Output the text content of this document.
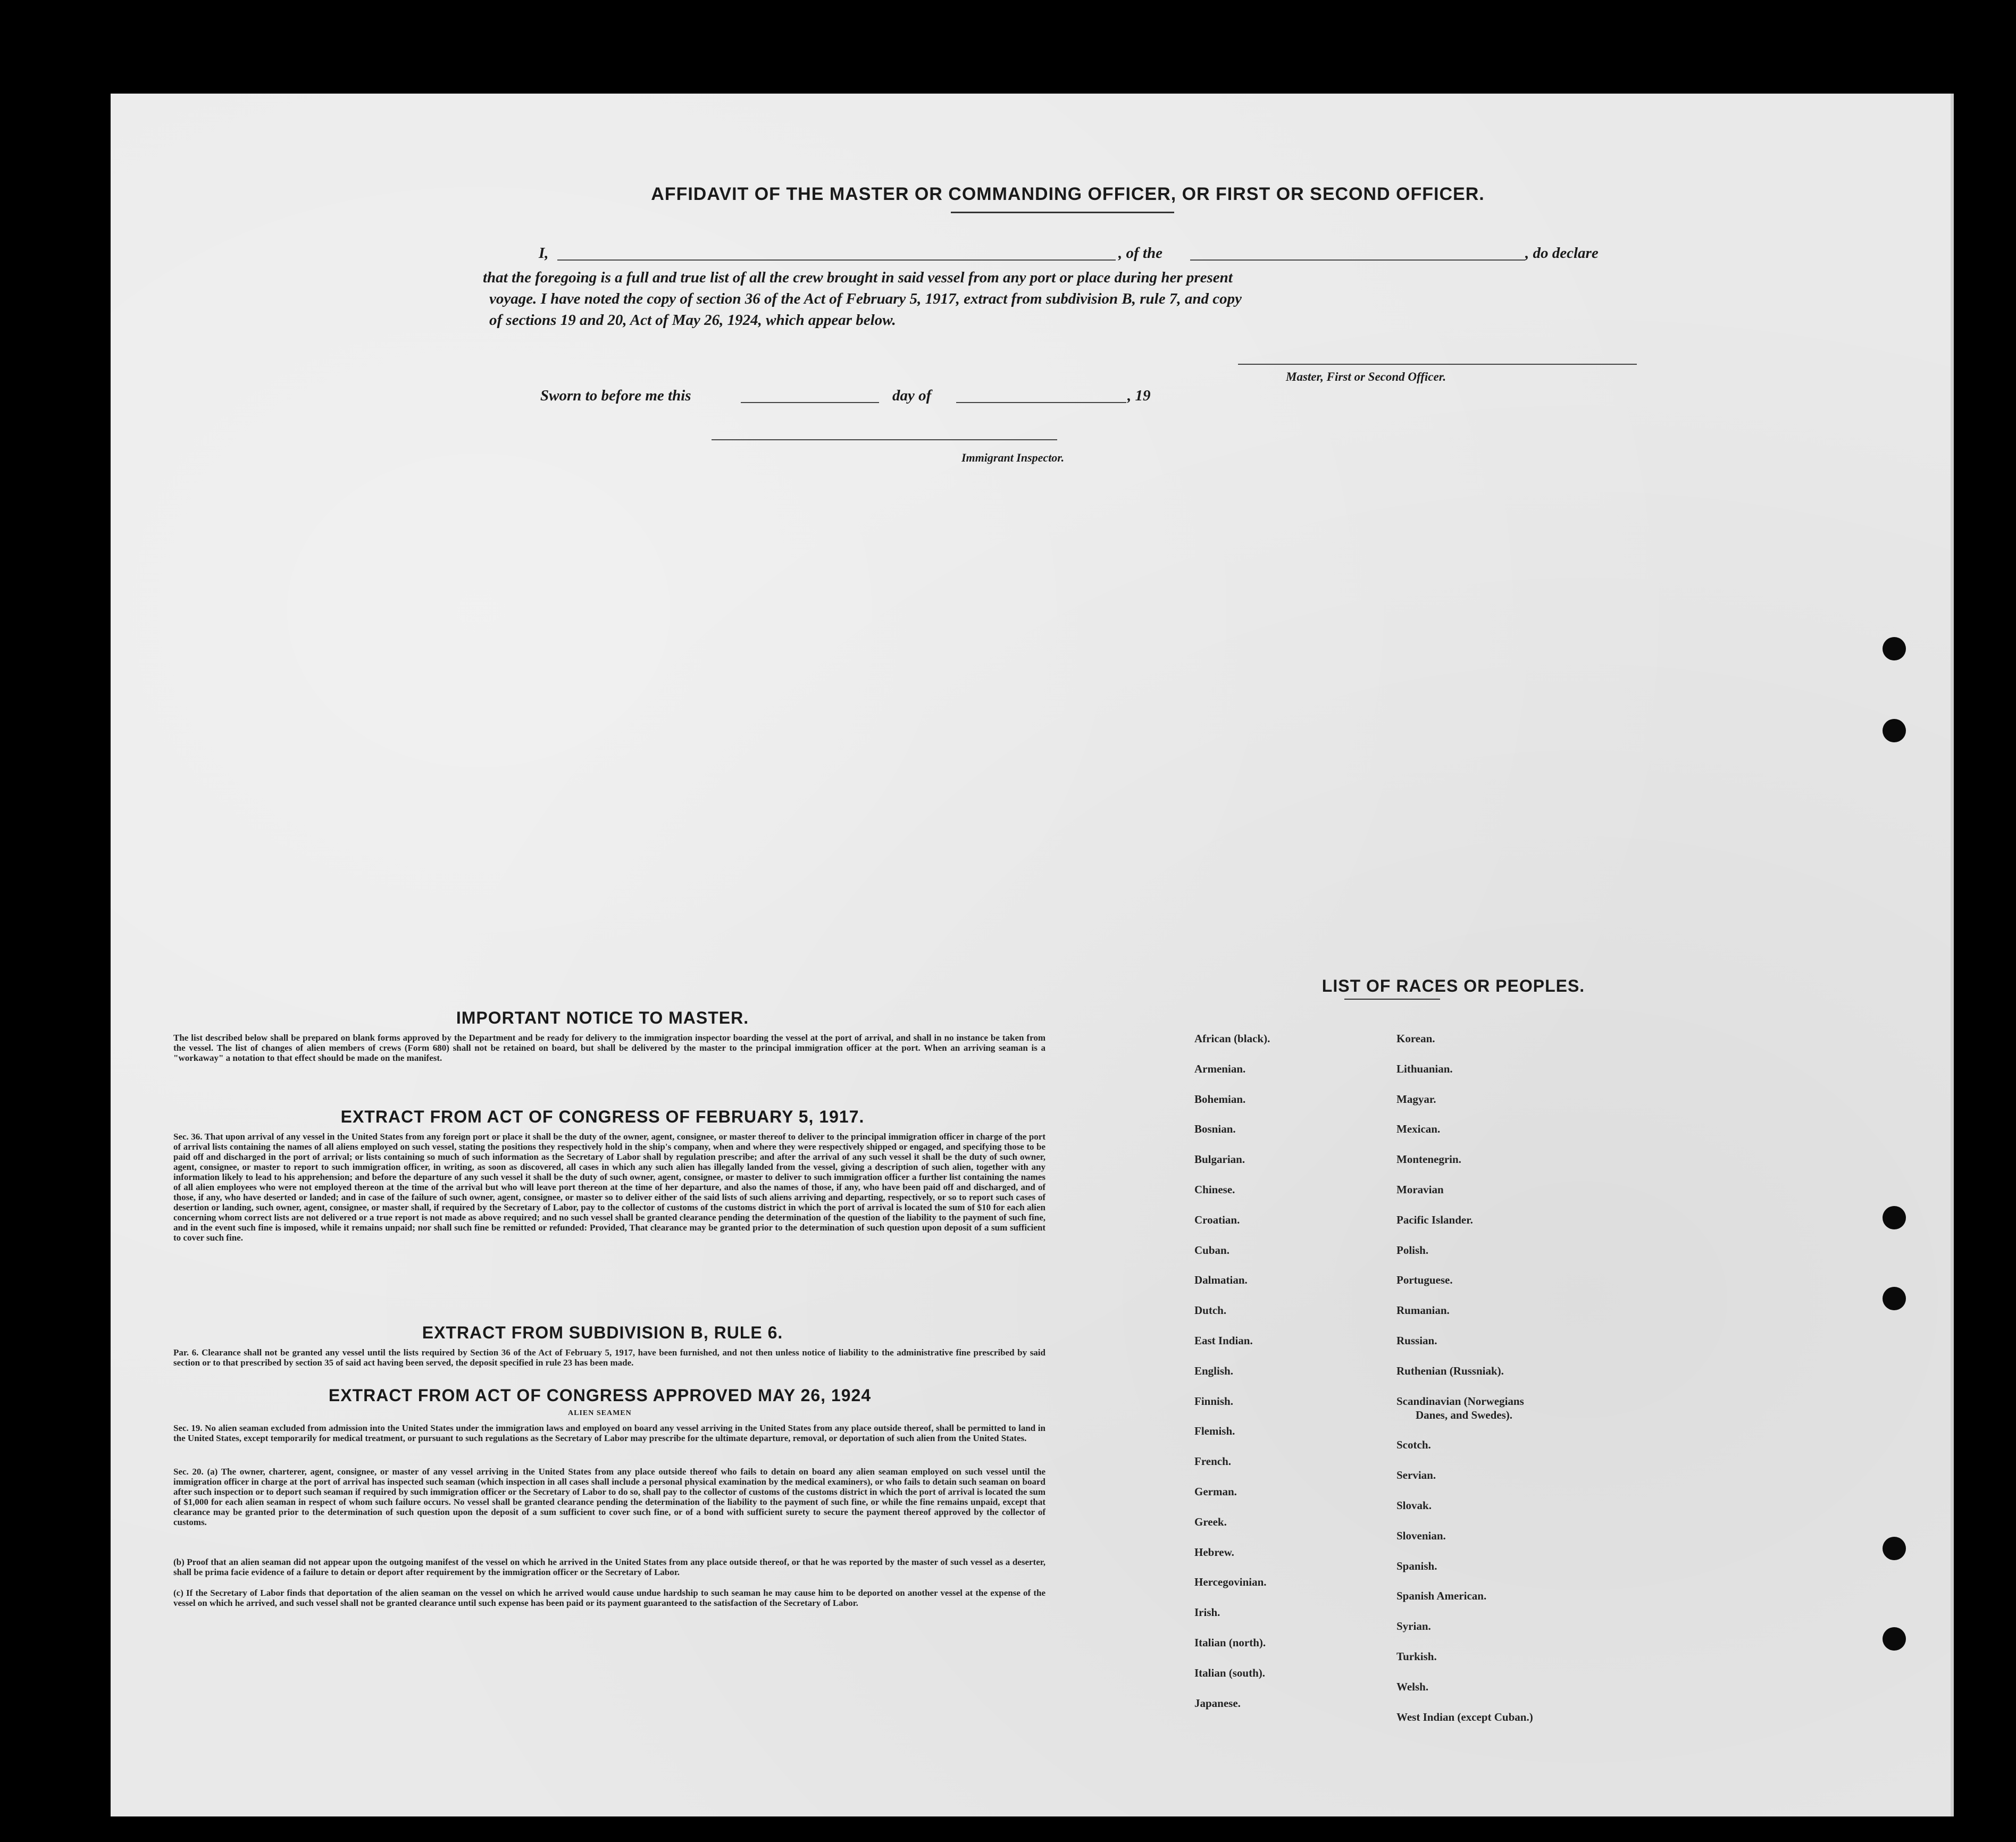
AFFIDAVIT OF THE MASTER OR COMMANDING OFFICER, OR FIRST OR SECOND OFFICER.
I,	, of the	, do declare
that the foregoing is a full and true list of all the crew brought in said vessel from any port or place during her present
voyage. I have noted the copy of section 36 of the Act of February 5, 1917, extract from subdivision B, rule 7, and copy
of sections 19 and 20, Act of May 26, 1924, which appear below.
Master, First or Second Officer.
Sworn to before me this	day of	, 19
Immigrant Inspector.
IMPORTANT NOTICE TO MASTER.
The list described below shall be prepared on blank forms approved by the Department and be ready for delivery to the immigration inspector boarding the vessel at the port of arrival, and shall in no instance be taken from the vessel. The list of changes of alien members of crews (Form 680) shall not be retained on board, but shall be delivered by the master to the principal immigration officer at the port. When an arriving seaman is a "workaway" a notation to that effect should be made on the manifest.
EXTRACT FROM ACT OF CONGRESS OF FEBRUARY 5, 1917.
Sec. 36. That upon arrival of any vessel in the United States from any foreign port or place it shall be the duty of the owner, agent, consignee, or master thereof to deliver to the principal immigration officer in charge of the port of arrival lists containing the names of all aliens employed on such vessel, stating the positions they respectively hold in the ship's company, when and where they were respectively shipped or engaged, and specifying those to be paid off and discharged in the port of arrival; or lists containing so much of such information as the Secretary of Labor shall by regulation prescribe; and after the arrival of any such vessel it shall be the duty of such owner, agent, consignee, or master to report to such immigration officer, in writing, as soon as discovered, all cases in which any such alien has illegally landed from the vessel, giving a description of such alien, together with any information likely to lead to his apprehension; and before the departure of any such vessel it shall be the duty of such owner, agent, consignee, or master to deliver to such immigration officer a further list containing the names of all alien employees who were not employed thereon at the time of the arrival but who will leave port thereon at the time of her departure, and also the names of those, if any, who have been paid off and discharged, and of those, if any, who have deserted or landed; and in case of the failure of such owner, agent, consignee, or master so to deliver either of the said lists of such aliens arriving and departing, respectively, or so to report such cases of desertion or landing, such owner, agent, consignee, or master shall, if required by the Secretary of Labor, pay to the collector of customs of the customs district in which the port of arrival is located the sum of $10 for each alien concerning whom correct lists are not delivered or a true report is not made as above required; and no such vessel shall be granted clearance pending the determination of the question of the liability to the payment of such fine, and in the event such fine is imposed, while it remains unpaid; nor shall such fine be remitted or refunded: Provided, That clearance may be granted prior to the determination of such question upon deposit of a sum sufficient to cover such fine.
EXTRACT FROM SUBDIVISION B, RULE 6.
Par. 6. Clearance shall not be granted any vessel until the lists required by Section 36 of the Act of February 5, 1917, have been furnished, and not then unless notice of liability to the administrative fine prescribed by said section or to that prescribed by section 35 of said act having been served, the deposit specified in rule 23 has been made.
EXTRACT FROM ACT OF CONGRESS APPROVED MAY 26, 1924
ALIEN SEAMEN
Sec. 19. No alien seaman excluded from admission into the United States under the immigration laws and employed on board any vessel arriving in the United States from any place outside thereof, shall be permitted to land in the United States, except temporarily for medical treatment, or pursuant to such regulations as the Secretary of Labor may prescribe for the ultimate departure, removal, or deportation of such alien from the United States.
Sec. 20. (a) The owner, charterer, agent, consignee, or master of any vessel arriving in the United States from any place outside thereof who fails to detain on board any alien seaman employed on such vessel until the immigration officer in charge at the port of arrival has inspected such seaman (which inspection in all cases shall include a personal physical examination by the medical examiners), or who fails to detain such seaman on board after such inspection or to deport such seaman if required by such immigration officer or the Secretary of Labor to do so, shall pay to the collector of customs of the customs district in which the port of arrival is located the sum of $1,000 for each alien seaman in respect of whom such failure occurs. No vessel shall be granted clearance pending the determination of the liability to the payment of such fine, or while the fine remains unpaid, except that clearance may be granted prior to the determination of such question upon the deposit of a sum sufficient to cover such fine, or of a bond with sufficient surety to secure the payment thereof approved by the collector of customs.
(b) Proof that an alien seaman did not appear upon the outgoing manifest of the vessel on which he arrived in the United States from any place outside thereof, or that he was reported by the master of such vessel as a deserter, shall be prima facie evidence of a failure to detain or deport after requirement by the immigration officer or the Secretary of Labor.
(c) If the Secretary of Labor finds that deportation of the alien seaman on the vessel on which he arrived would cause undue hardship to such seaman he may cause him to be deported on another vessel at the expense of the vessel on which he arrived, and such vessel shall not be granted clearance until such expense has been paid or its payment guaranteed to the satisfaction of the Secretary of Labor.
LIST OF RACES OR PEOPLES.
African (black).
Armenian.
Bohemian.
Bosnian.
Bulgarian.
Chinese.
Croatian.
Cuban.
Dalmatian.
Dutch.
East Indian.
English.
Finnish.
Flemish.
French.
German.
Greek.
Hebrew.
Hercegovinian.
Irish.
Italian (north).
Italian (south).
Japanese.
Korean.
Lithuanian.
Magyar.
Mexican.
Montenegrin.
Moravian
Pacific Islander.
Polish.
Portuguese.
Rumanian.
Russian.
Ruthenian (Russniak).
Scandinavian (Norwegians
Danes, and Swedes).
Scotch.
Servian.
Slovak.
Slovenian.
Spanish.
Spanish American.
Syrian.
Turkish.
Welsh.
West Indian (except Cuban.)
